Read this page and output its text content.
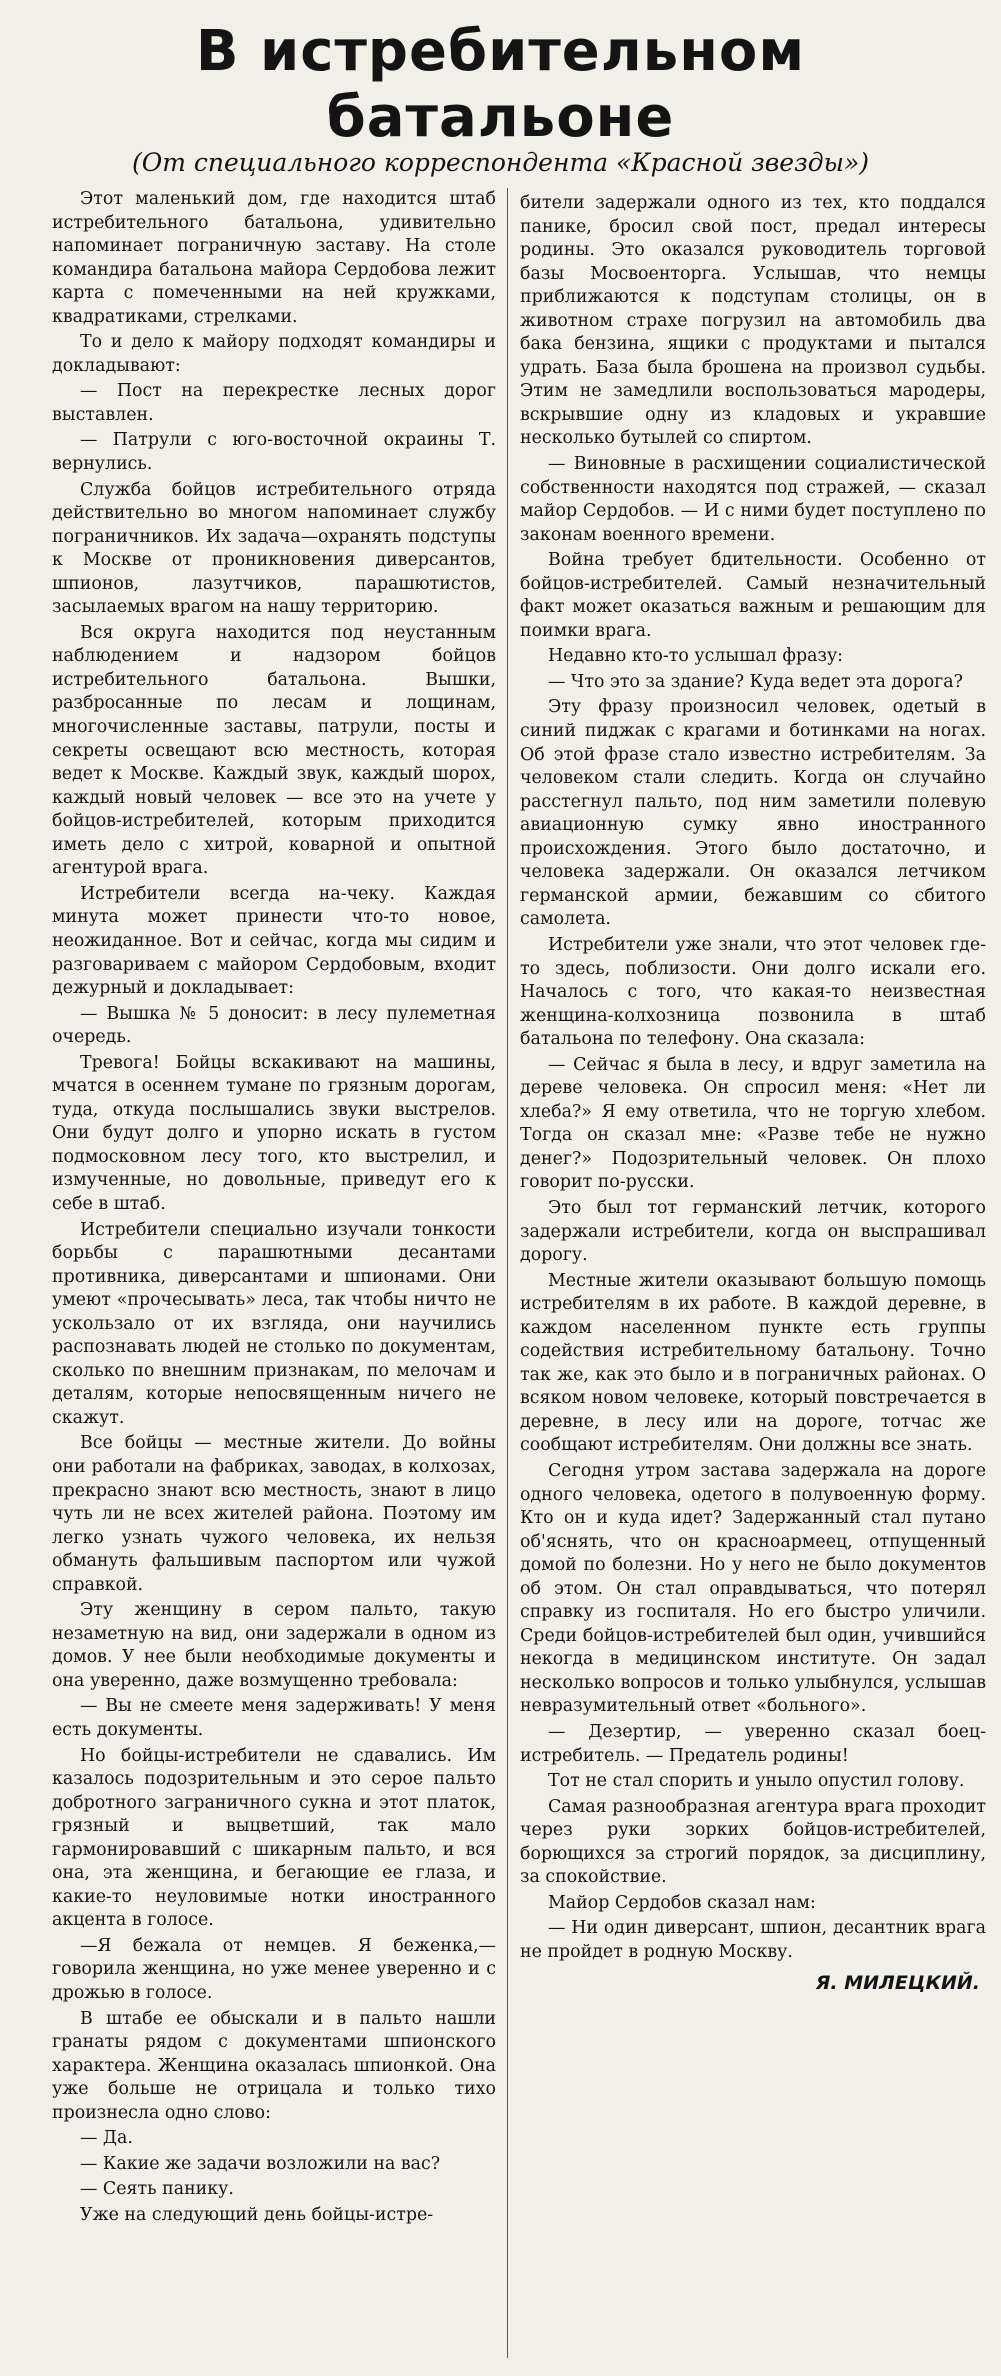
В истребительном
батальоне
(От специального корреспондента «Красной звезды»)

Этот маленький дом, где находится штаб истребительного батальона, удивительно напоминает пограничную заставу. На столе командира батальона майора Сердобова лежит карта с помеченными на ней кружками, квадратиками, стрелками.

То и дело к майору подходят командиры и докладывают:

— Пост на перекрестке лесных дорог выставлен.

— Патрули с юго-восточной окраины Т. вернулись.

Служба бойцов истребительного отряда действительно во многом напоминает службу пограничников. Их задача—охранять подступы к Москве от проникновения диверсантов, шпионов, лазутчиков, парашютистов, засылаемых врагом на нашу территорию.

Вся округа находится под неустанным наблюдением и надзором бойцов истребительного батальона. Вышки, разбросанные по лесам и лощинам, многочисленные заставы, патрули, посты и секреты освещают всю местность, которая ведет к Москве. Каждый звук, каждый шорох, каждый новый человек — все это на учете у бойцов-истребителей, которым приходится иметь дело с хитрой, коварной и опытной агентурой врага.

Истребители всегда на-чеку. Каждая минута может принести что-то новое, неожиданное. Вот и сейчас, когда мы сидим и разговариваем с майором Сердобовым, входит дежурный и докладывает:

— Вышка № 5 доносит: в лесу пулеметная очередь.

Тревога! Бойцы вскакивают на машины, мчатся в осеннем тумане по грязным дорогам, туда, откуда послышались звуки выстрелов. Они будут долго и упорно искать в густом подмосковном лесу того, кто выстрелил, и измученные, но довольные, приведут его к себе в штаб.

Истребители специально изучали тонкости борьбы с парашютными десантами противника, диверсантами и шпионами. Они умеют «прочесывать» леса, так чтобы ничто не ускользало от их взгляда, они научились распознавать людей не столько по документам, сколько по внешним признакам, по мелочам и деталям, которые непосвященным ничего не скажут.

Все бойцы — местные жители. До войны они работали на фабриках, заводах, в колхозах, прекрасно знают всю местность, знают в лицо чуть ли не всех жителей района. Поэтому им легко узнать чужого человека, их нельзя обмануть фальшивым паспортом или чужой справкой.

Эту женщину в сером пальто, такую незаметную на вид, они задержали в одном из домов. У нее были необходимые документы и она уверенно, даже возмущенно требовала:

— Вы не смеете меня задерживать! У меня есть документы.

Но бойцы-истребители не сдавались. Им казалось подозрительным и это серое пальто добротного заграничного сукна и этот платок, грязный и выцветший, так мало гармонировавший с шикарным пальто, и вся она, эта женщина, и бегающие ее глаза, и какие-то неуловимые нотки иностранного акцента в голосе.

—Я бежала от немцев. Я беженка,— говорила женщина, но уже менее уверенно и с дрожью в голосе.

В штабе ее обыскали и в пальто нашли гранаты рядом с документами шпионского характера. Женщина оказалась шпионкой. Она уже больше не отрицала и только тихо произнесла одно слово:

— Да.

— Какие же задачи возложили на вас?

— Сеять панику.

Уже на следующий день бойцы-истре-

бители задержали одного из тех, кто поддался панике, бросил свой пост, предал интересы родины. Это оказался руководитель торговой базы Мосвоенторга. Услышав, что немцы приближаются к подступам столицы, он в животном страхе погрузил на автомобиль два бака бензина, ящики с продуктами и пытался удрать. База была брошена на произвол судьбы. Этим не замедлили воспользоваться мародеры, вскрывшие одну из кладовых и укравшие несколько бутылей со спиртом.

— Виновные в расхищении социалистической собственности находятся под стражей, — сказал майор Сердобов. — И с ними будет поступлено по законам военного времени.

Война требует бдительности. Особенно от бойцов-истребителей. Самый незначительный факт может оказаться важным и решающим для поимки врага.

Недавно кто-то услышал фразу:

— Что это за здание? Куда ведет эта дорога?

Эту фразу произносил человек, одетый в синий пиджак с крагами и ботинками на ногах. Об этой фразе стало известно истребителям. За человеком стали следить. Когда он случайно расстегнул пальто, под ним заметили полевую авиационную сумку явно иностранного происхождения. Этого было достаточно, и человека задержали. Он оказался летчиком германской армии, бежавшим со сбитого самолета.

Истребители уже знали, что этот человек где-то здесь, поблизости. Они долго искали его. Началось с того, что какая-то неизвестная женщина-колхозница позвонила в штаб батальона по телефону. Она сказала:

— Сейчас я была в лесу, и вдруг заметила на дереве человека. Он спросил меня: «Нет ли хлеба?» Я ему ответила, что не торгую хлебом. Тогда он сказал мне: «Разве тебе не нужно денег?» Подозрительный человек. Он плохо говорит по-русски.

Это был тот германский летчик, которого задержали истребители, когда он выспрашивал дорогу.

Местные жители оказывают большую помощь истребителям в их работе. В каждой деревне, в каждом населенном пункте есть группы содействия истребительному батальону. Точно так же, как это было и в пограничных районах. О всяком новом человеке, который повстречается в деревне, в лесу или на дороге, тотчас же сообщают истребителям. Они должны все знать.

Сегодня утром застава задержала на дороге одного человека, одетого в полувоенную форму. Кто он и куда идет? Задержанный стал путано об'яснять, что он красноармеец, отпущенный домой по болезни. Но у него не было документов об этом. Он стал оправдываться, что потерял справку из госпиталя. Но его быстро уличили. Среди бойцов-истребителей был один, учившийся некогда в медицинском институте. Он задал несколько вопросов и только улыбнулся, услышав невразумительный ответ «больного».

— Дезертир, — уверенно сказал боец-истребитель. — Предатель родины!

Тот не стал спорить и уныло опустил голову.

Самая разнообразная агентура врага проходит через руки зорких бойцов-истребителей, борющихся за строгий порядок, за дисциплину, за спокойствие.

Майор Сердобов сказал нам:

— Ни один диверсант, шпион, десантник врага не пройдет в родную Москву.

Я. МИЛЕЦКИЙ.
